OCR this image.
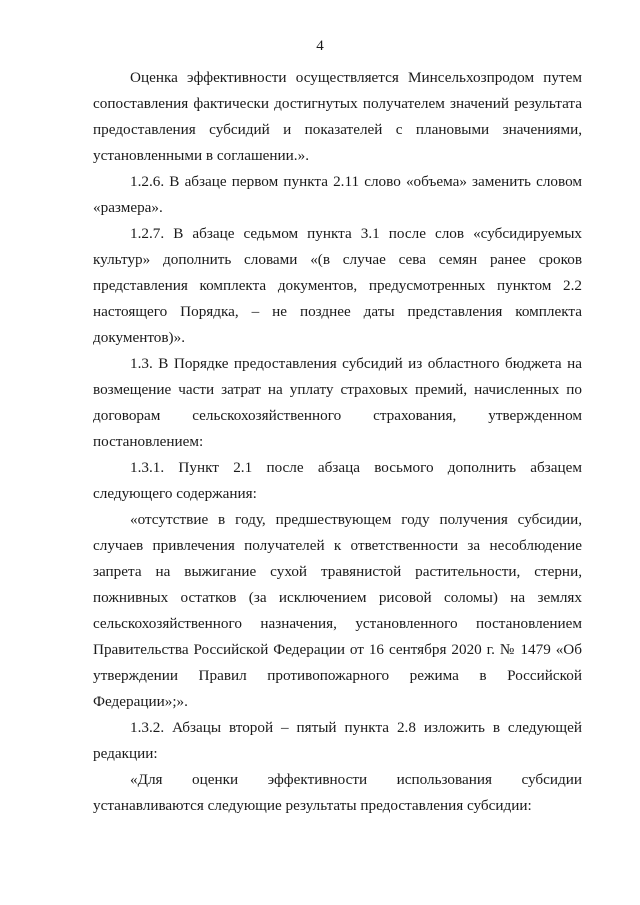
4

Оценка эффективности осуществляется Минсельхозпродом путем
сопоставления фактически достигнутых получателем значений результата
предоставления субсидий и показателей с плановыми значениями,
установленными в соглашении.».

1.2.6. В абзаце первом пункта 2.11 слово «объема» заменить словом
«размера».

1.2.7. В абзаце седьмом пункта 3.1 после слов «субсидируемых
культур» дополнить словами «(в случае сева семян ранее сроков
представления комплекта документов, предусмотренных пунктом 2.2
настоящего Порядка, – не позднее даты представления комплекта
документов)».

1.3. В Порядке предоставления субсидий из областного бюджета на
возмещение части затрат на уплату страховых премий, начисленных по
договорам сельскохозяйственного страхования, утвержденном
постановлением:

1.3.1. Пункт 2.1 после абзаца восьмого дополнить абзацем
следующего содержания:

«отсутствие в году, предшествующем году получения субсидии,
случаев привлечения получателей к ответственности за несоблюдение
запрета на выжигание сухой травянистой растительности, стерни,
пожнивных остатков (за исключением рисовой соломы) на землях
сельскохозяйственного назначения, установленного постановлением
Правительства Российской Федерации от 16 сентября 2020 г. № 1479 «Об
утверждении Правил противопожарного режима в Российской
Федерации»;».

1.3.2. Абзацы второй – пятый пункта 2.8 изложить в следующей
редакции:

«Для оценки эффективности использования субсидии
устанавливаются следующие результаты предоставления субсидии:
